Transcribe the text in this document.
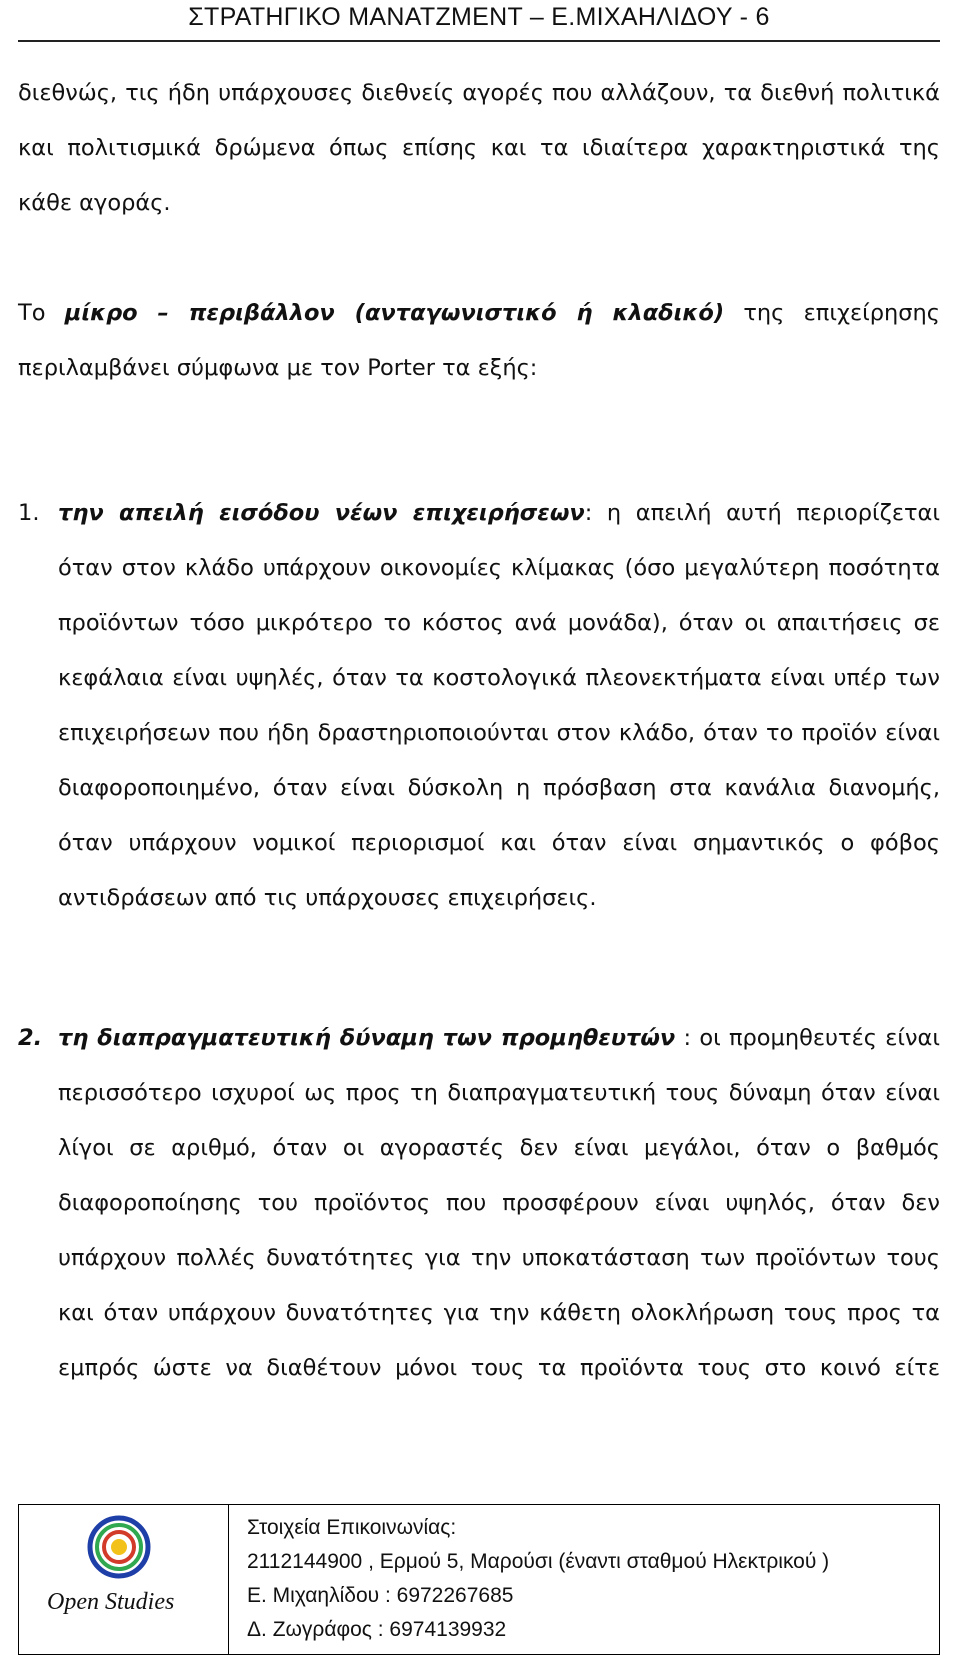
ΣΤΡΑΤΗΓΙΚΟ ΜΑΝΑΤΖΜΕΝΤ – Ε.ΜΙΧΑΗΛΙΔΟΥ - 6

διεθνώς, τις ήδη υπάρχουσες διεθνείς αγορές που αλλάζουν, τα διεθνή πολιτικά και πολιτισμικά δρώμενα όπως επίσης και τα ιδιαίτερα χαρακτηριστικά της κάθε αγοράς.

Το μίκρο – περιβάλλον (ανταγωνιστικό ή κλαδικό) της επιχείρησης περιλαμβάνει σύμφωνα με τον Porter τα εξής:

1. την απειλή εισόδου νέων επιχειρήσεων: η απειλή αυτή περιορίζεται όταν στον κλάδο υπάρχουν οικονομίες κλίμακας (όσο μεγαλύτερη ποσότητα προϊόντων τόσο μικρότερο το κόστος ανά μονάδα), όταν οι απαιτήσεις σε κεφάλαια είναι υψηλές, όταν τα κοστολογικά πλεονεκτήματα είναι υπέρ των επιχειρήσεων που ήδη δραστηριοποιούνται στον κλάδο, όταν το προϊόν είναι διαφοροποιημένο, όταν είναι δύσκολη η πρόσβαση στα κανάλια διανομής, όταν υπάρχουν νομικοί περιορισμοί και όταν είναι σημαντικός ο φόβος αντιδράσεων από τις υπάρχουσες επιχειρήσεις.
2. τη διαπραγματευτική δύναμη των προμηθευτών : οι προμηθευτές είναι περισσότερο ισχυροί ως προς τη διαπραγματευτική τους δύναμη όταν είναι λίγοι σε αριθμό, όταν οι αγοραστές δεν είναι μεγάλοι, όταν ο βαθμός διαφοροποίησης του προϊόντος που προσφέρουν είναι υψηλός, όταν δεν υπάρχουν πολλές δυνατότητες για την υποκατάσταση των προϊόντων τους και όταν υπάρχουν δυνατότητες για την κάθετη ολοκλήρωση τους προς τα εμπρός ώστε να διαθέτουν μόνοι τους τα προϊόντα τους στο κοινό είτε
Open Studies
Στοιχεία Επικοινωνίας:
2112144900 , Ερμού 5, Μαρούσι (έναντι σταθμού Ηλεκτρικού )
Ε. Μιχαηλίδου : 6972267685
Δ. Ζωγράφος : 6974139932
